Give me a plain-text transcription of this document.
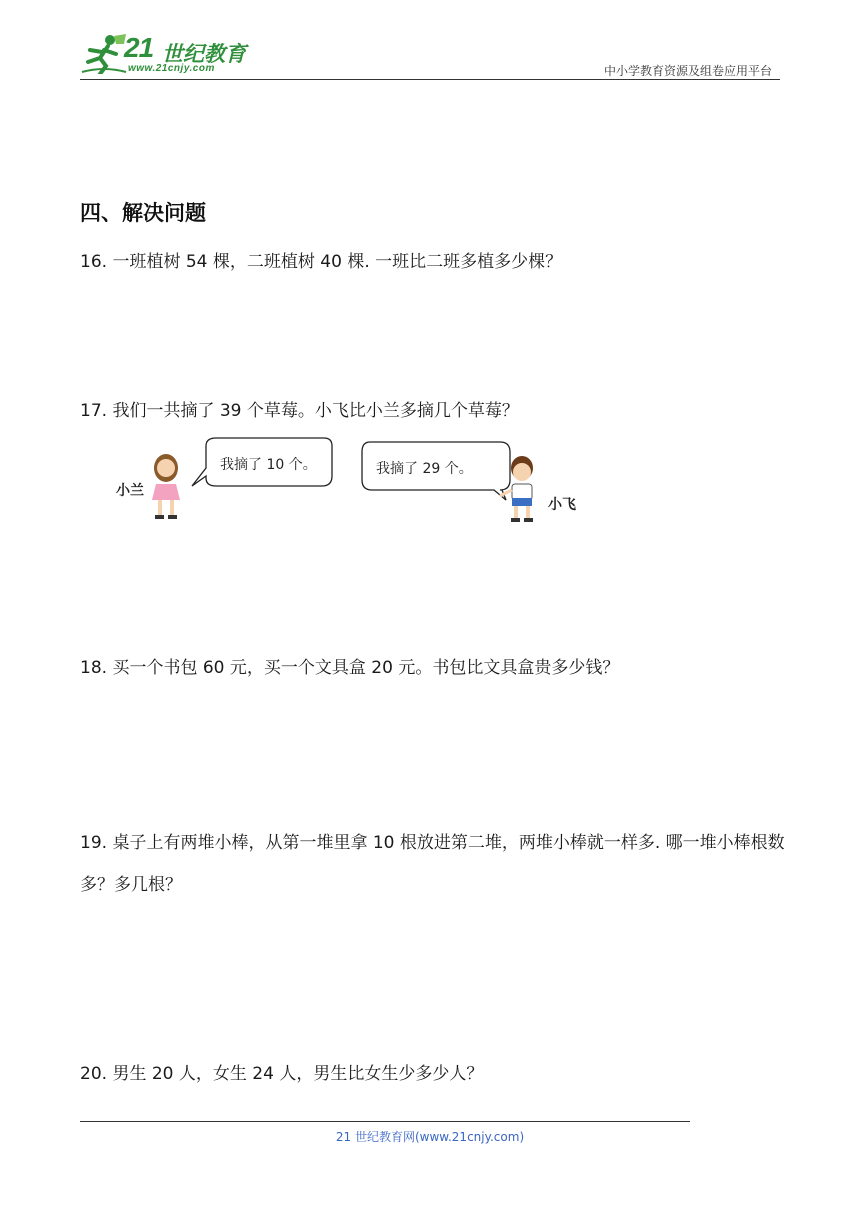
21 世纪教育
www.21cnjy.com	中小学教育资源及组卷应用平台
四、解决问题
16. 一班植树 54 棵，二班植树 40 棵. 一班比二班多植多少棵？
17. 我们一共摘了 39 个草莓。小飞比小兰多摘几个草莓？
小兰
我摘了 10 个。	我摘了 29 个。
小飞
18. 买一个书包 60 元，买一个文具盒 20 元。书包比文具盒贵多少钱？
19. 桌子上有两堆小棒，从第一堆里拿 10 根放进第二堆，两堆小棒就一样多. 哪一堆小棒根数多？多几根？
20. 男生 20 人，女生 24 人，男生比女生少多少人？
21 世纪教育网(www.21cnjy.com)
